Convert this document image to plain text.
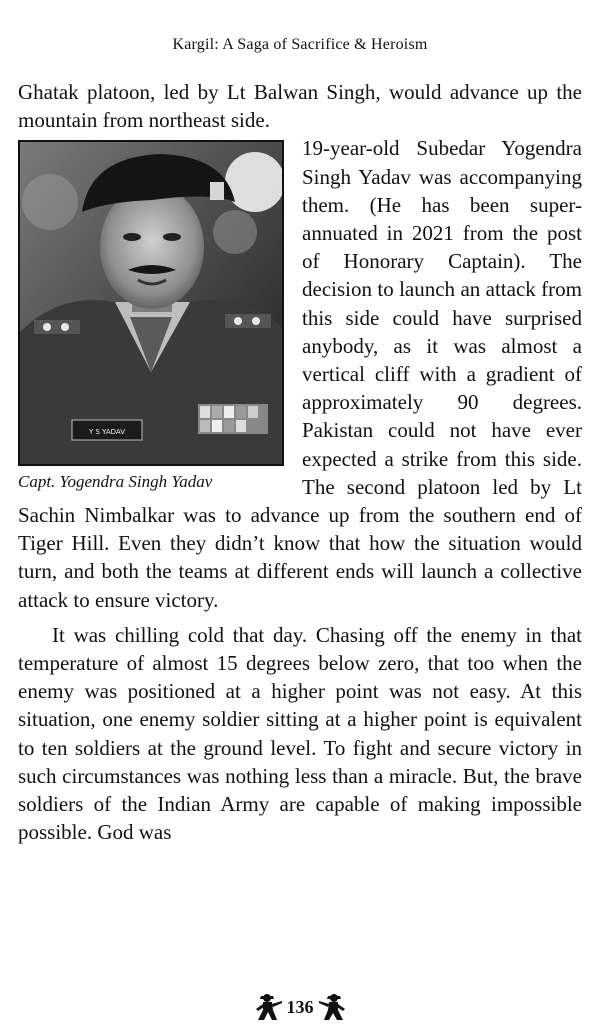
Kargil: A Saga of Sacrifice & Heroism

Ghatak platoon, led by Lt Balwan Singh, would advance up the mountain from northeast side.

Y S YADAV
Capt. Yogendra Singh Yadav

19-year-old Subedar Yogendra Singh Yadav was accompanying them. (He has been super-annuated in 2021 from the post of Honorary Captain). The decision to launch an attack from this side could have surprised anybody, as it was almost a vertical cliff with a gradient of approximately 90 degrees. Pakistan could not have ever expected a strike from this side. The second platoon led by Lt Sachin Nimbalkar was to advance up from the southern end of Tiger Hill. Even they didn’t know that how the situation would turn, and both the teams at different ends will launch a collective attack to ensure victory.

It was chilling cold that day. Chasing off the enemy in that temperature of almost 15 degrees below zero, that too when the enemy was positioned at a higher point was not easy. At this situation, one enemy soldier sitting at a higher point is equivalent to ten soldiers at the ground level. To fight and secure victory in such circumstances was nothing less than a miracle. But, the brave soldiers of the Indian Army are capable of making impossible possible. God was

136
